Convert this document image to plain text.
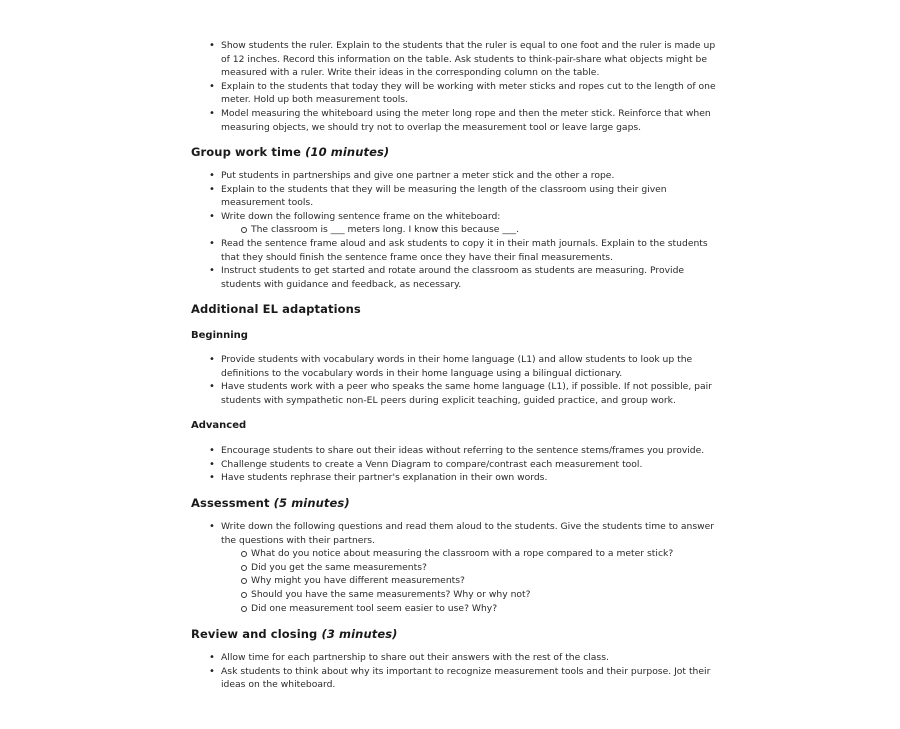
• Show students the ruler. Explain to the students that the ruler is equal to one foot and the ruler is made up of 12 inches. Record this information on the table. Ask students to think-pair-share what objects might be measured with a ruler. Write their ideas in the corresponding column on the table.
• Explain to the students that today they will be working with meter sticks and ropes cut to the length of one meter. Hold up both measurement tools.
• Model measuring the whiteboard using the meter long rope and then the meter stick. Reinforce that when measuring objects, we should try not to overlap the measurement tool or leave large gaps.
Group work time (10 minutes)
• Put students in partnerships and give one partner a meter stick and the other a rope.
• Explain to the students that they will be measuring the length of the classroom using their given measurement tools.
• Write down the following sentence frame on the whiteboard:
The classroom is ___ meters long. I know this because ___.
• Read the sentence frame aloud and ask students to copy it in their math journals. Explain to the students that they should finish the sentence frame once they have their final measurements.
• Instruct students to get started and rotate around the classroom as students are measuring. Provide students with guidance and feedback, as necessary.
Additional EL adaptations
Beginning
• Provide students with vocabulary words in their home language (L1) and allow students to look up the definitions to the vocabulary words in their home language using a bilingual dictionary.
• Have students work with a peer who speaks the same home language (L1), if possible. If not possible, pair students with sympathetic non-EL peers during explicit teaching, guided practice, and group work.
Advanced
• Encourage students to share out their ideas without referring to the sentence stems/frames you provide.
• Challenge students to create a Venn Diagram to compare/contrast each measurement tool.
• Have students rephrase their partner's explanation in their own words.
Assessment (5 minutes)
• Write down the following questions and read them aloud to the students. Give the students time to answer the questions with their partners.
What do you notice about measuring the classroom with a rope compared to a meter stick?
Did you get the same measurements?
Why might you have different measurements?
Should you have the same measurements? Why or why not?
Did one measurement tool seem easier to use? Why?
Review and closing (3 minutes)
• Allow time for each partnership to share out their answers with the rest of the class.
• Ask students to think about why its important to recognize measurement tools and their purpose. Jot their ideas on the whiteboard.
